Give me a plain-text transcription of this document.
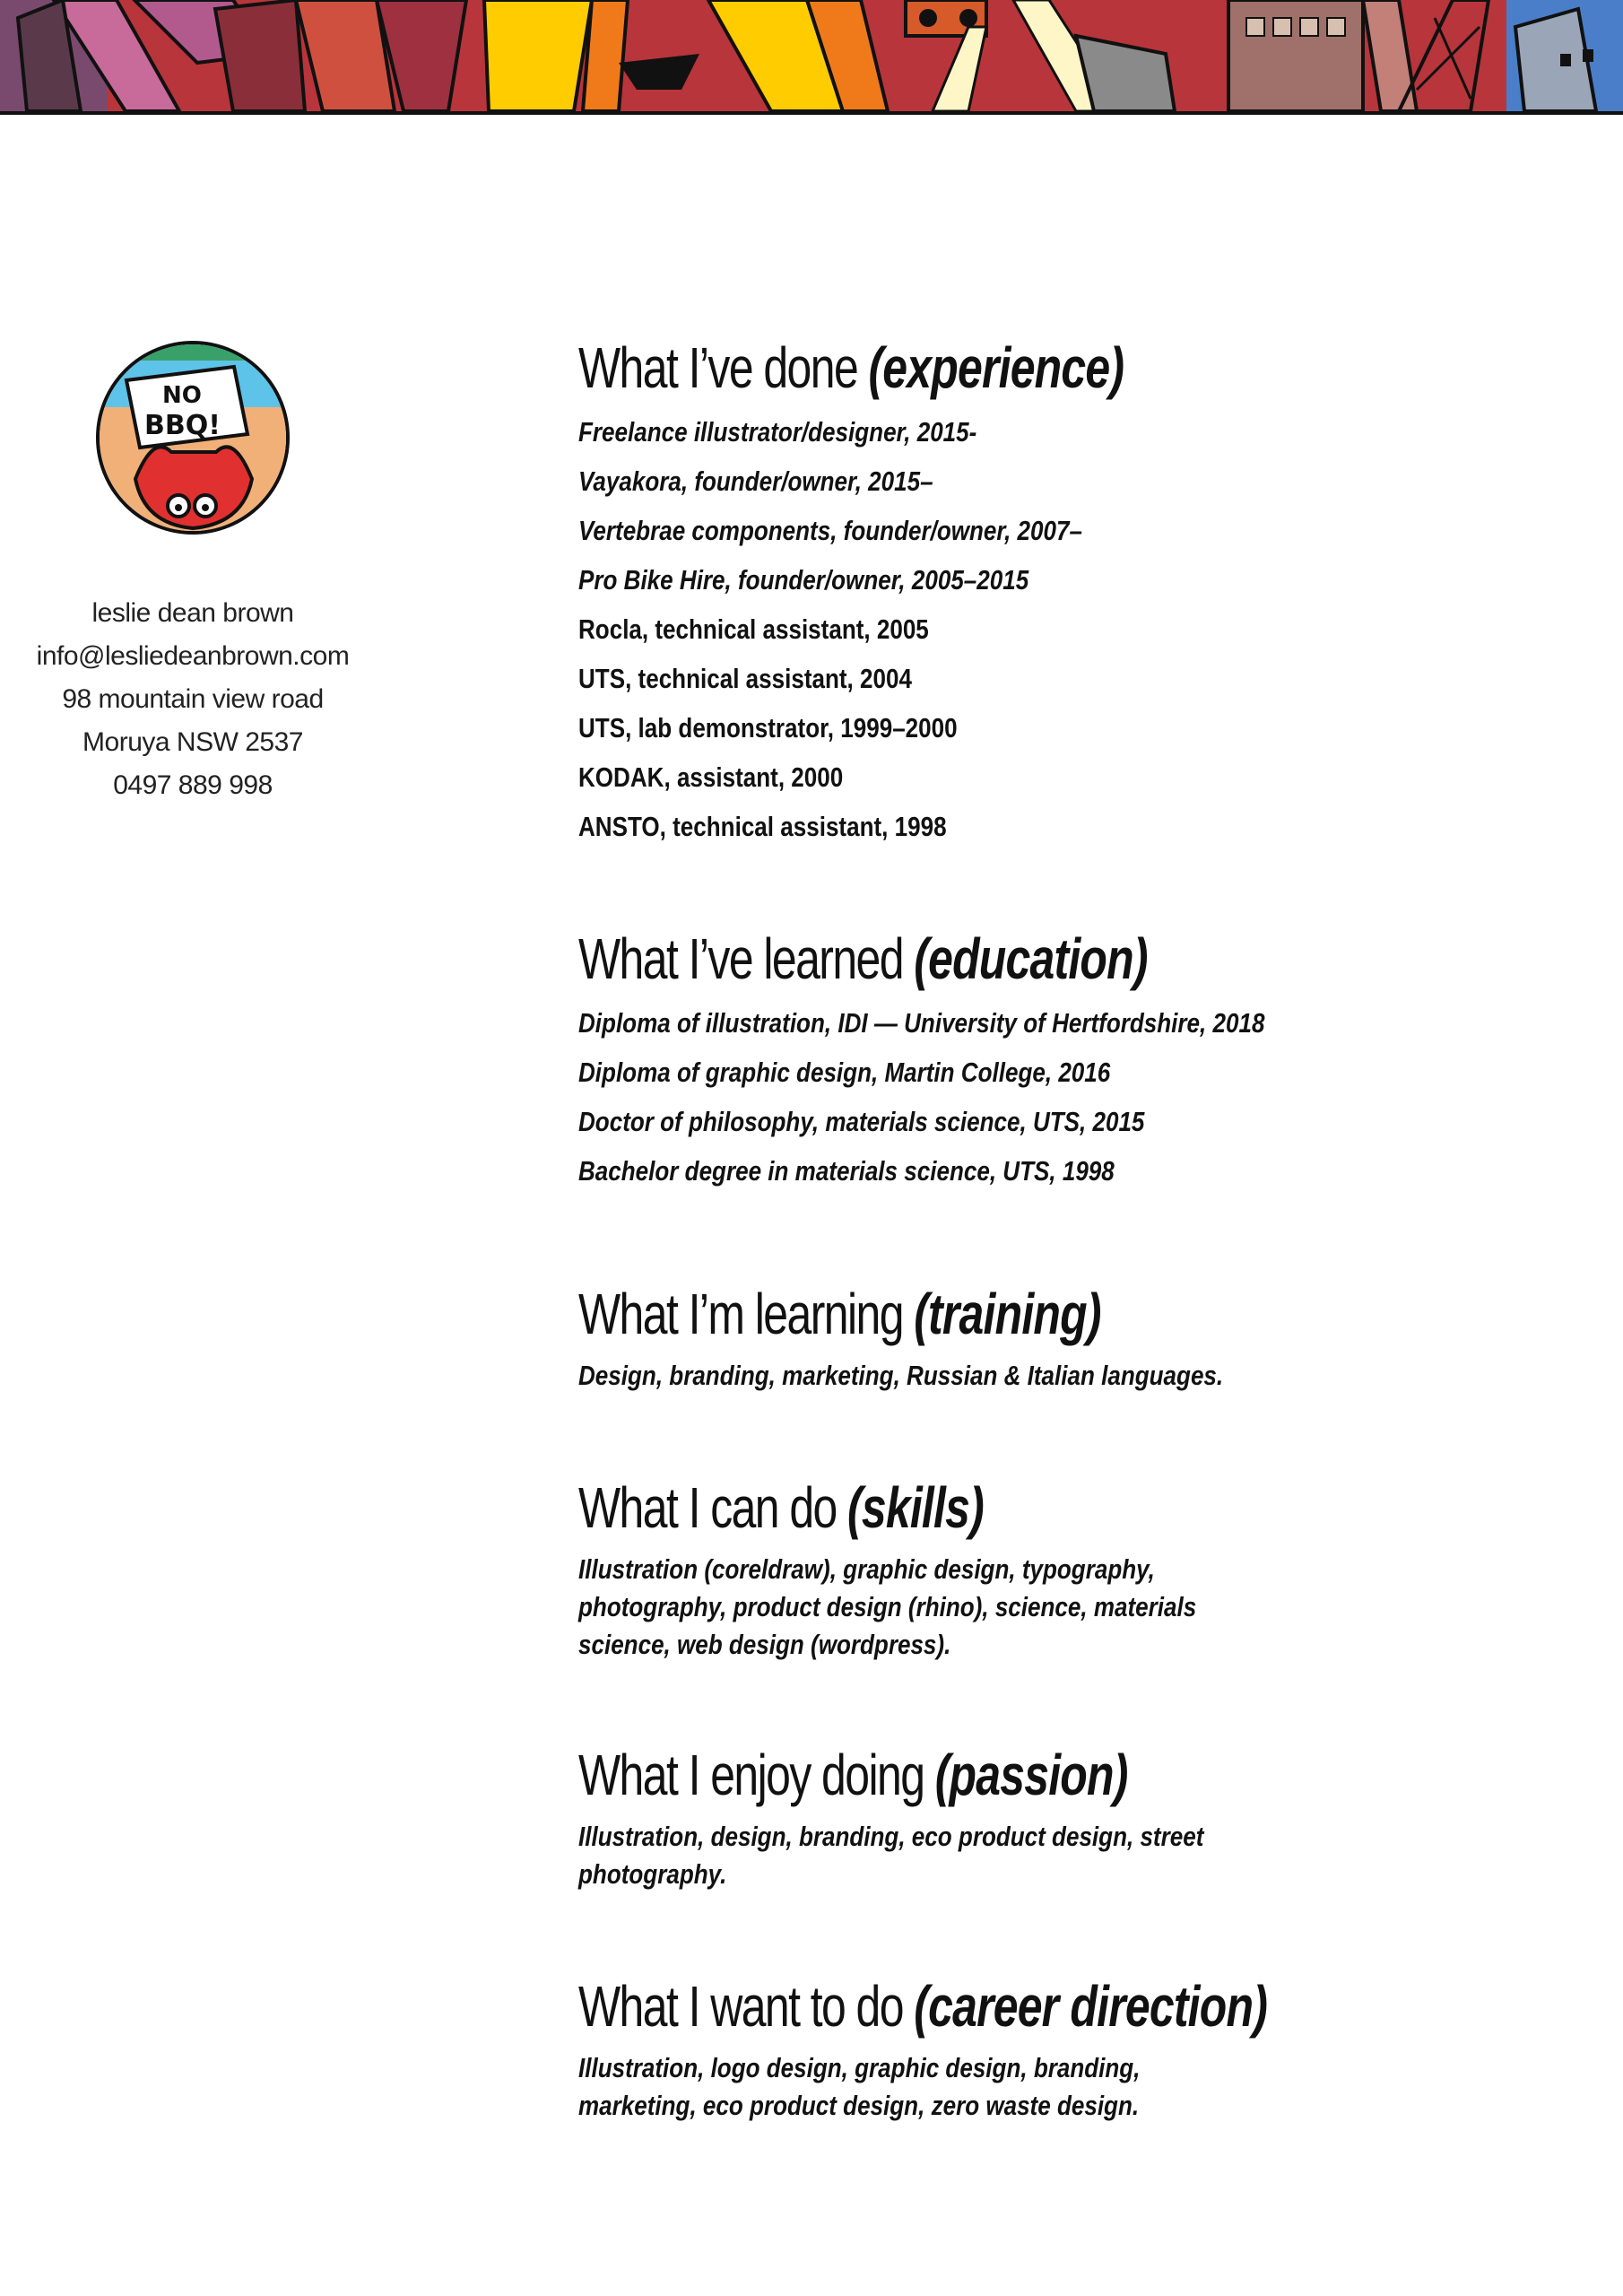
NO
BBQ!
leslie dean brown
info@lesliedeanbrown.com
98 mountain view road
Moruya NSW 2537
0497 889 998
What I’ve done (experience)
Freelance illustrator/designer, 2015-
Vayakora, founder/owner, 2015–
Vertebrae components, founder/owner, 2007–
Pro Bike Hire, founder/owner, 2005–2015
Rocla, technical assistant, 2005
UTS, technical assistant, 2004
UTS, lab demonstrator, 1999–2000
KODAK, assistant, 2000
ANSTO, technical assistant, 1998
What I’ve learned (education)
Diploma of illustration, IDI — University of Hertfordshire, 2018
Diploma of graphic design, Martin College, 2016
Doctor of philosophy, materials science, UTS, 2015
Bachelor degree in materials science, UTS, 1998
What I’m learning (training)
Design, branding, marketing, Russian & Italian languages.
What I can do (skills)
Illustration (coreldraw), graphic design, typography, photography, product design (rhino), science, materials science, web design (wordpress).
What I enjoy doing (passion)
Illustration, design, branding, eco product design, street photography.
What I want to do (career direction)
Illustration, logo design, graphic design, branding, marketing, eco product design, zero waste design.
